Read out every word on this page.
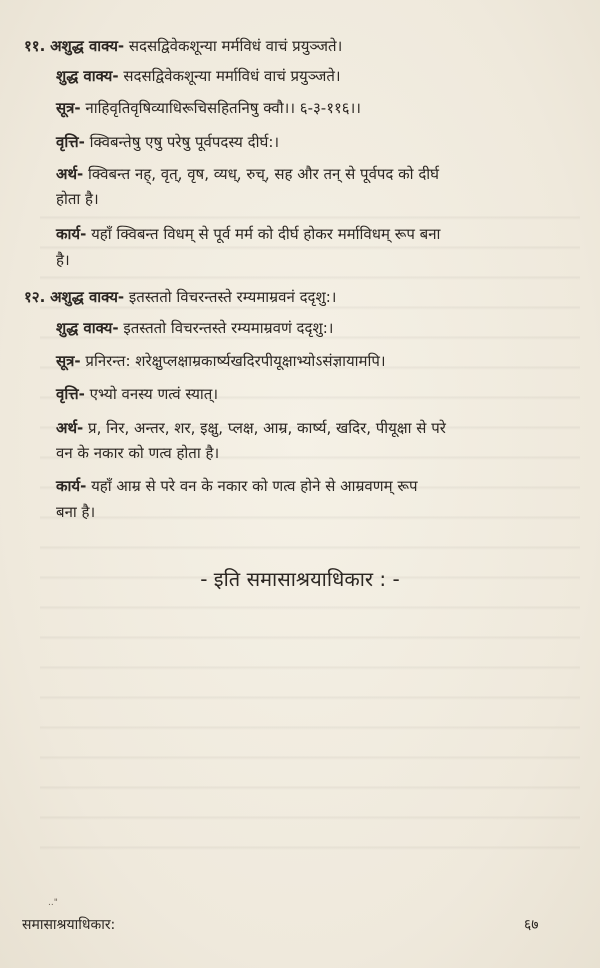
११. अशुद्ध वाक्य- सदसद्विवेकशून्या मर्मविधं वाचं प्रयुञ्जते।
शुद्ध वाक्य- सदसद्विवेकशून्या मर्माविधं वाचं प्रयुञ्जते।
सूत्र- नाहिवृतिवृषिव्याधिरूचिसहितनिषु क्वौ।। ६-३-११६।।
वृत्ति- क्विबन्तेषु एषु परेषु पूर्वपदस्य दीर्घ:।
अर्थ- क्विबन्त नह्, वृत्, वृष, व्यध्, रुच्, सह और तन् से पूर्वपद को दीर्घ
होता है।
कार्य- यहाँ क्विबन्त विधम् से पूर्व मर्म को दीर्घ होकर मर्माविधम् रूप बना
है।
१२. अशुद्ध वाक्य- इतस्ततो विचरन्तस्ते रम्यमाम्रवनं ददृशु:।
शुद्ध वाक्य- इतस्ततो विचरन्तस्ते रम्यमाम्रवणं ददृशु:।
सूत्र- प्रनिरन्त: शरेक्षुप्लक्षाम्रकार्ष्यखदिरपीयूक्षाभ्योऽसंज्ञायामपि।
वृत्ति- एभ्यो वनस्य णत्वं स्यात्।
अर्थ- प्र, निर, अन्तर, शर, इक्षु, प्लक्ष, आम्र, कार्ष्य, खदिर, पीयूक्षा से परे
वन के नकार को णत्व होता है।
कार्य- यहाँ आम्र से परे वन के नकार को णत्व होने से आम्रवणम् रूप
बना है।
- इति समासाश्रयाधिकार : -
.."
समासाश्रयाधिकार:	६७
